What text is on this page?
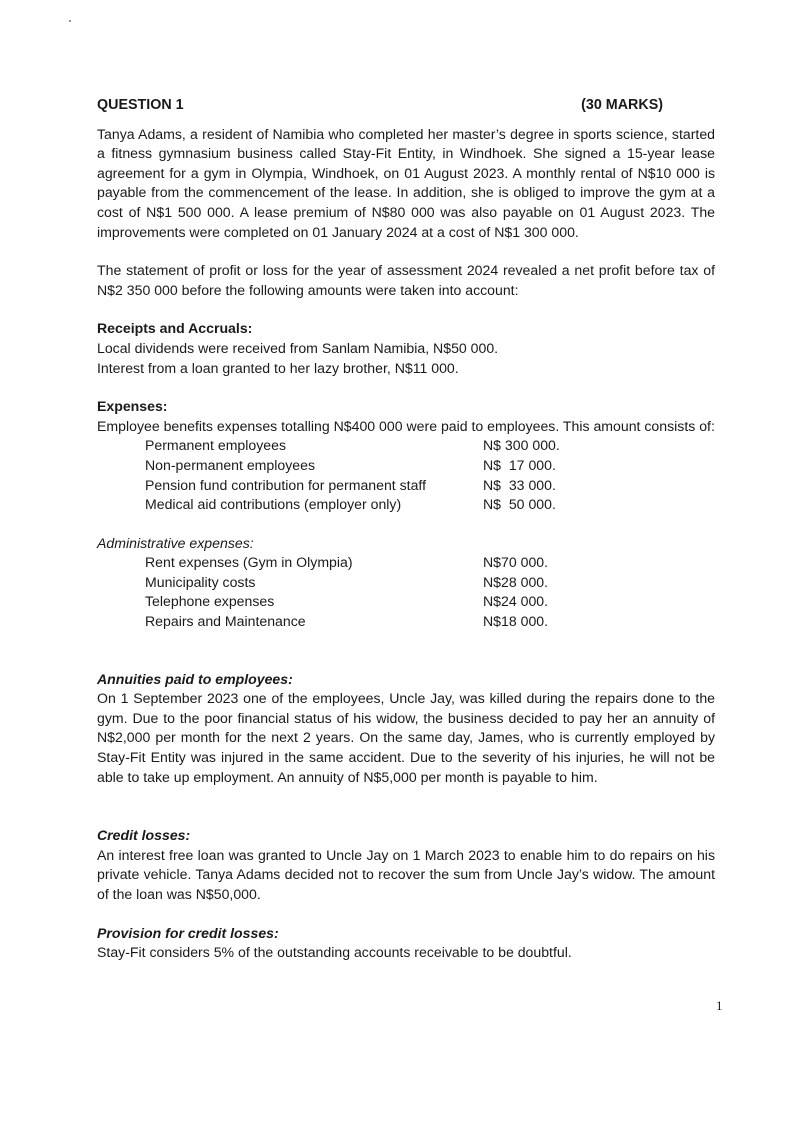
QUESTION 1	(30 MARKS)

Tanya Adams, a resident of Namibia who completed her master’s degree in sports science, started a fitness gymnasium business called Stay-Fit Entity, in Windhoek. She signed a 15-year lease agreement for a gym in Olympia, Windhoek, on 01 August 2023. A monthly rental of N$10 000 is payable from the commencement of the lease. In addition, she is obliged to improve the gym at a cost of N$1 500 000. A lease premium of N$80 000 was also payable on 01 August 2023. The improvements were completed on 01 January 2024 at a cost of N$1 300 000.

The statement of profit or loss for the year of assessment 2024 revealed a net profit before tax of N$2 350 000 before the following amounts were taken into account:

Receipts and Accruals:
Local dividends were received from Sanlam Namibia, N$50 000.
Interest from a loan granted to her lazy brother, N$11 000.
Expenses:

Employee benefits expenses totalling N$400 000 were paid to employees. This amount consists of:

Permanent employees	N$ 300 000.
Non-permanent employees	N$  17 000.
Pension fund contribution for permanent staff	N$  33 000.
Medical aid contributions (employer only)	N$  50 000.
Administrative expenses:
Rent expenses (Gym in Olympia)	N$70 000.
Municipality costs	N$28 000.
Telephone expenses	N$24 000.
Repairs and Maintenance	N$18 000.
Annuities paid to employees:

On 1 September 2023 one of the employees, Uncle Jay, was killed during the repairs done to the gym. Due to the poor financial status of his widow, the business decided to pay her an annuity of N$2,000 per month for the next 2 years. On the same day, James, who is currently employed by Stay-Fit Entity was injured in the same accident. Due to the severity of his injuries, he will not be able to take up employment. An annuity of N$5,000 per month is payable to him.

Credit losses:

An interest free loan was granted to Uncle Jay on 1 March 2023 to enable him to do repairs on his private vehicle. Tanya Adams decided not to recover the sum from Uncle Jay’s widow. The amount of the loan was N$50,000.

Provision for credit losses:

Stay-Fit considers 5% of the outstanding accounts receivable to be doubtful.

1
